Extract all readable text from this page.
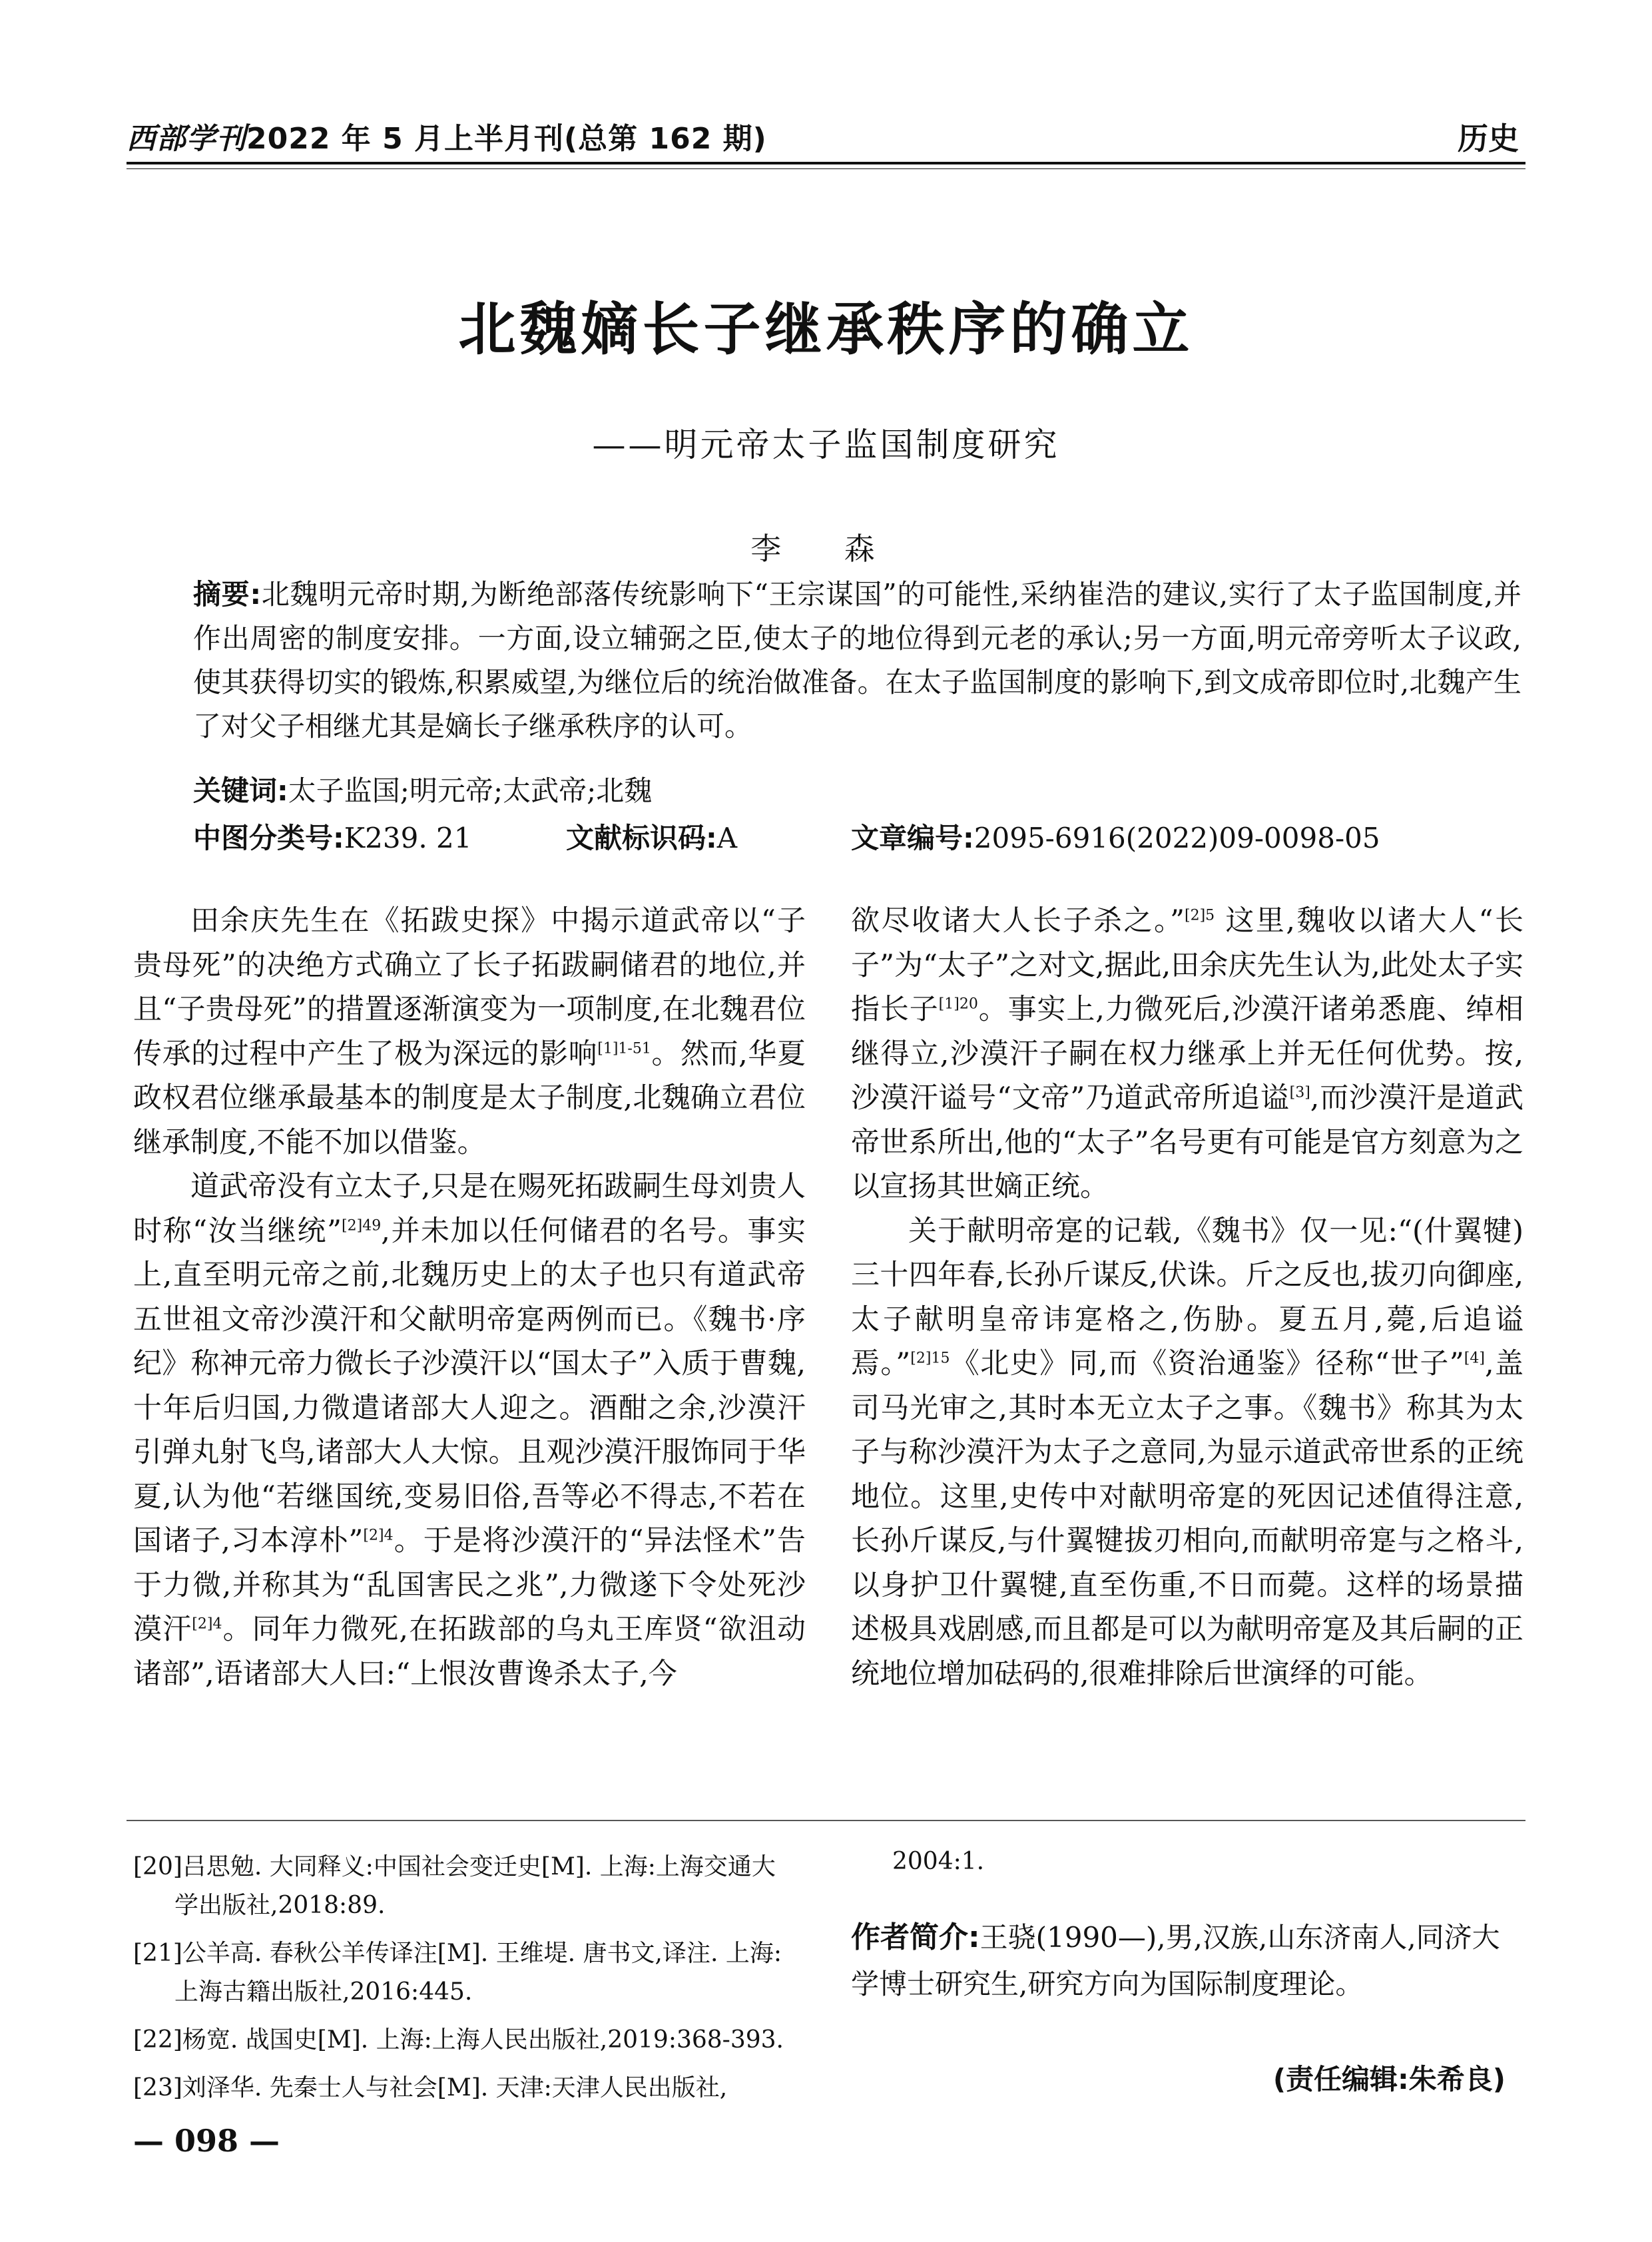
西部学刊2022 年 5 月上半月刊(总第 162 期)	历史
北魏嫡长子继承秩序的确立
——明元帝太子监国制度研究
李 森
摘要:北魏明元帝时期,为断绝部落传统影响下“王宗谋国”的可能性,采纳崔浩的建议,实行了太子监国制度,并作出周密的制度安排。一方面,设立辅弼之臣,使太子的地位得到元老的承认;另一方面,明元帝旁听太子议政,使其获得切实的锻炼,积累威望,为继位后的统治做准备。在太子监国制度的影响下,到文成帝即位时,北魏产生了对父子相继尤其是嫡长子继承秩序的认可。
关键词:太子监国;明元帝;太武帝;北魏
中图分类号:K239. 21	文献标识码:A	文章编号:2095-6916(2022)09-0098-05

田余庆先生在《拓跋史探》中揭示道武帝以“子贵母死”的决绝方式确立了长子拓跋嗣储君的地位,并且“子贵母死”的措置逐渐演变为一项制度,在北魏君位传承的过程中产生了极为深远的影响$^{[1]1-51}$。然而,华夏政权君位继承最基本的制度是太子制度,北魏确立君位继承制度,不能不加以借鉴。

道武帝没有立太子,只是在赐死拓跋嗣生母刘贵人时称“汝当继统”$^{[2]49}$,并未加以任何储君的名号。事实上,直至明元帝之前,北魏历史上的太子也只有道武帝五世祖文帝沙漠汗和父献明帝寔两例而已。《魏书·序纪》称神元帝力微长子沙漠汗以“国太子”入质于曹魏,十年后归国,力微遣诸部大人迎之。酒酣之余,沙漠汗引弹丸射飞鸟,诸部大人大惊。且观沙漠汗服饰同于华夏,认为他“若继国统,变易旧俗,吾等必不得志,不若在国诸子,习本淳朴”$^{[2]4}$。于是将沙漠汗的“异法怪术”告于力微,并称其为“乱国害民之兆”,力微遂下令处死沙漠汗$^{[2]4}$。同年力微死,在拓跋部的乌丸王库贤“欲沮动诸部”,语诸部大人曰:“上恨汝曹谗杀太子,今

欲尽收诸大人长子杀之。”$^{[2]5}$ 这里,魏收以诸大人“长子”为“太子”之对文,据此,田余庆先生认为,此处太子实指长子$^{[1]20}$。事实上,力微死后,沙漠汗诸弟悉鹿、绰相继得立,沙漠汗子嗣在权力继承上并无任何优势。按,沙漠汗谥号“文帝”乃道武帝所追谥[3],而沙漠汗是道武帝世系所出,他的“太子”名号更有可能是官方刻意为之以宣扬其世嫡正统。

关于献明帝寔的记载,《魏书》仅一见:“(什翼犍)三十四年春,长孙斤谋反,伏诛。斤之反也,拔刃向御座,太子献明皇帝讳寔格之,伤胁。夏五月,薨,后追谥焉。”$^{[2]15}$《北史》同,而《资治通鉴》径称“世子”[4],盖司马光审之,其时本无立太子之事。《魏书》称其为太子与称沙漠汗为太子之意同,为显示道武帝世系的正统地位。这里,史传中对献明帝寔的死因记述值得注意,长孙斤谋反,与什翼犍拔刃相向,而献明帝寔与之格斗,以身护卫什翼犍,直至伤重,不日而薨。这样的场景描述极具戏剧感,而且都是可以为献明帝寔及其后嗣的正统地位增加砝码的,很难排除后世演绎的可能。

[20]吕思勉. 大同释义:中国社会变迁史[M]. 上海:上海交通大学出版社,2018:89.
[21]公羊高. 春秋公羊传译注[M]. 王维堤. 唐书文,译注. 上海:上海古籍出版社,2016:445.
[22]杨宽. 战国史[M]. 上海:上海人民出版社,2019:368-393.
[23]刘泽华. 先秦士人与社会[M]. 天津:天津人民出版社,
2004:1.
作者简介:王骁(1990—),男,汉族,山东济南人,同济大学博士研究生,研究方向为国际制度理论。
(责任编辑:朱希良)
— 098 —
